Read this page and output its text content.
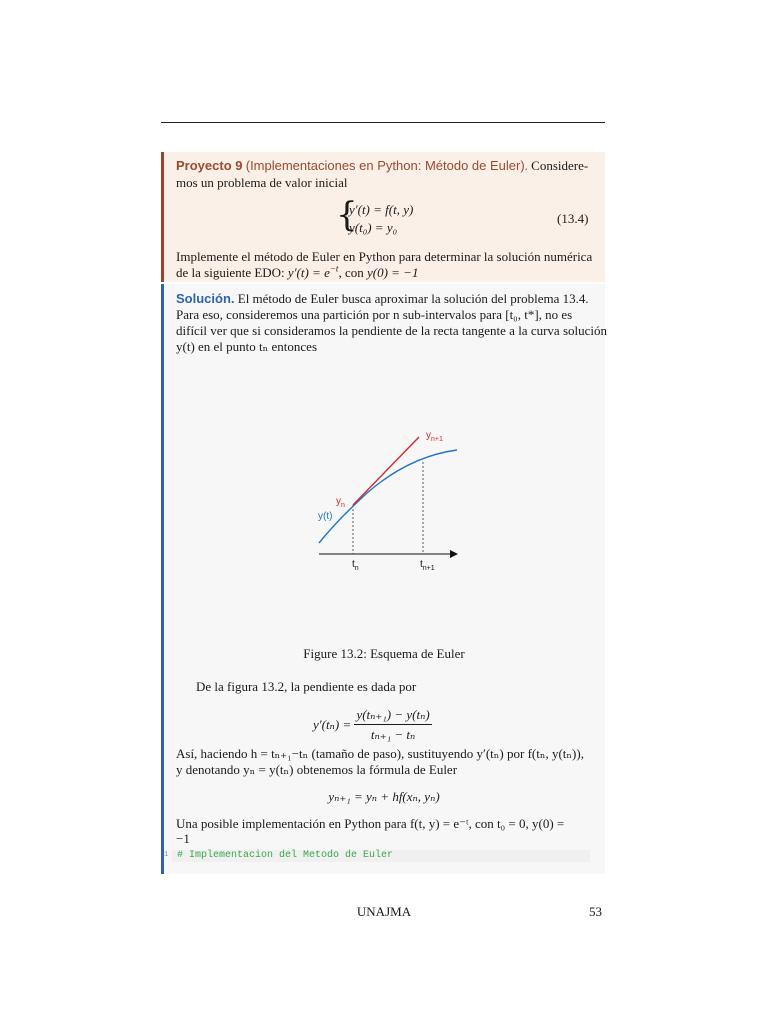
Proyecto 9 (Implementaciones en Python: Método de Euler). Considere-
mos un problema de valor inicial
{
y′(t) = f(t, y)
y(t₀) = y₀
(13.4)
Implemente el método de Euler en Python para determinar la solución numérica
de la siguiente EDO: $y'(t) = e^{-t}$, con y(0) = −1
Solución. El método de Euler busca aproximar la solución del problema 13.4.
Para eso, consideremos una partición por n sub-intervalos para [t₀, t*], no es
difícil ver que si consideramos la pendiente de la recta tangente a la curva solución
y(t) en el punto tₙ entonces
$y_{n+1}$
$y_n$
y(t)
$t_n$	$t_{n+1}$
Figure 13.2: Esquema de Euler
De la figura 13.2, la pendiente es dada por
$y'(t_n) = \frac{\text{y(tₙ₊₁) − y(tₙ)}}{\text{tₙ₊₁ − tₙ}}$
Así, haciendo h = tₙ₊₁−tₙ (tamaño de paso), sustituyendo y′(tₙ) por f(tₙ, y(tₙ)),
y denotando yₙ = y(tₙ) obtenemos la fórmula de Euler
yₙ₊₁ = yₙ + hf(xₙ, yₙ)
Una posible implementación en Python para f(t, y) = e⁻ᵗ, con t₀ = 0, y(0) =
−1
1 # Implementacion del Metodo de Euler
UNAJMA	53
